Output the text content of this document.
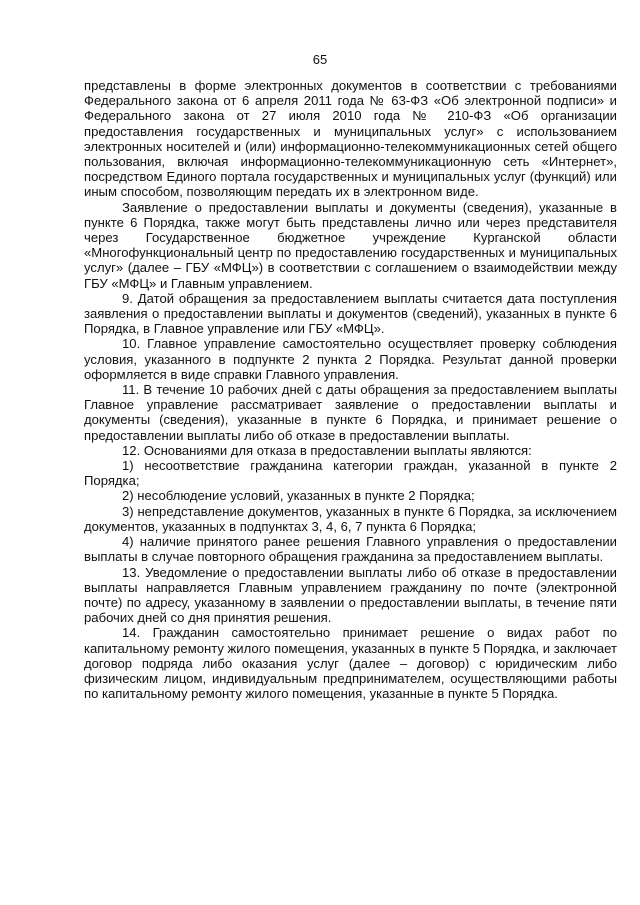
65

представлены в форме электронных документов в соответствии с требованиями Федерального закона от 6 апреля 2011 года № 63-ФЗ «Об электронной подписи» и Федерального закона от 27 июля 2010 года № 210-ФЗ «Об организации предоставления государственных и муниципальных услуг» с использованием электронных носителей и (или) информационно-телекоммуникационных сетей общего пользования, включая информационно-телекоммуникационную сеть «Интернет», посредством Единого портала государственных и муниципальных услуг (функций) или иным способом, позволяющим передать их в электронном виде.

Заявление о предоставлении выплаты и документы (сведения), указанные в пункте 6 Порядка, также могут быть представлены лично или через представителя через Государственное бюджетное учреждение Курганской области «Многофункциональный центр по предоставлению государственных и муниципальных услуг» (далее – ГБУ «МФЦ») в соответствии с соглашением о взаимодействии между ГБУ «МФЦ» и Главным управлением.

9. Датой обращения за предоставлением выплаты считается дата поступления заявления о предоставлении выплаты и документов (сведений), указанных в пункте 6 Порядка, в Главное управление или ГБУ «МФЦ».

10. Главное управление самостоятельно осуществляет проверку соблюдения условия, указанного в подпункте 2 пункта 2 Порядка. Результат данной проверки оформляется в виде справки Главного управления.

11. В течение 10 рабочих дней с даты обращения за предоставлением выплаты Главное управление рассматривает заявление о предоставлении выплаты и документы (сведения), указанные в пункте 6 Порядка, и принимает решение о предоставлении выплаты либо об отказе в предоставлении выплаты.

12. Основаниями для отказа в предоставлении выплаты являются:

1) несоответствие гражданина категории граждан, указанной в пункте 2 Порядка;

2) несоблюдение условий, указанных в пункте 2 Порядка;

3) непредставление документов, указанных в пункте 6 Порядка, за исключением документов, указанных в подпунктах 3, 4, 6, 7 пункта 6 Порядка;

4) наличие принятого ранее решения Главного управления о предоставлении выплаты в случае повторного обращения гражданина за предоставлением выплаты.

13. Уведомление о предоставлении выплаты либо об отказе в предоставлении выплаты направляется Главным управлением гражданину по почте (электронной почте) по адресу, указанному в заявлении о предоставлении выплаты, в течение пяти рабочих дней со дня принятия решения.

14. Гражданин самостоятельно принимает решение о видах работ по капитальному ремонту жилого помещения, указанных в пункте 5 Порядка, и заключает договор подряда либо оказания услуг (далее – договор) с юридическим либо физическим лицом, индивидуальным предпринимателем, осуществляющими работы по капитальному ремонту жилого помещения, указанные в пункте 5 Порядка.
